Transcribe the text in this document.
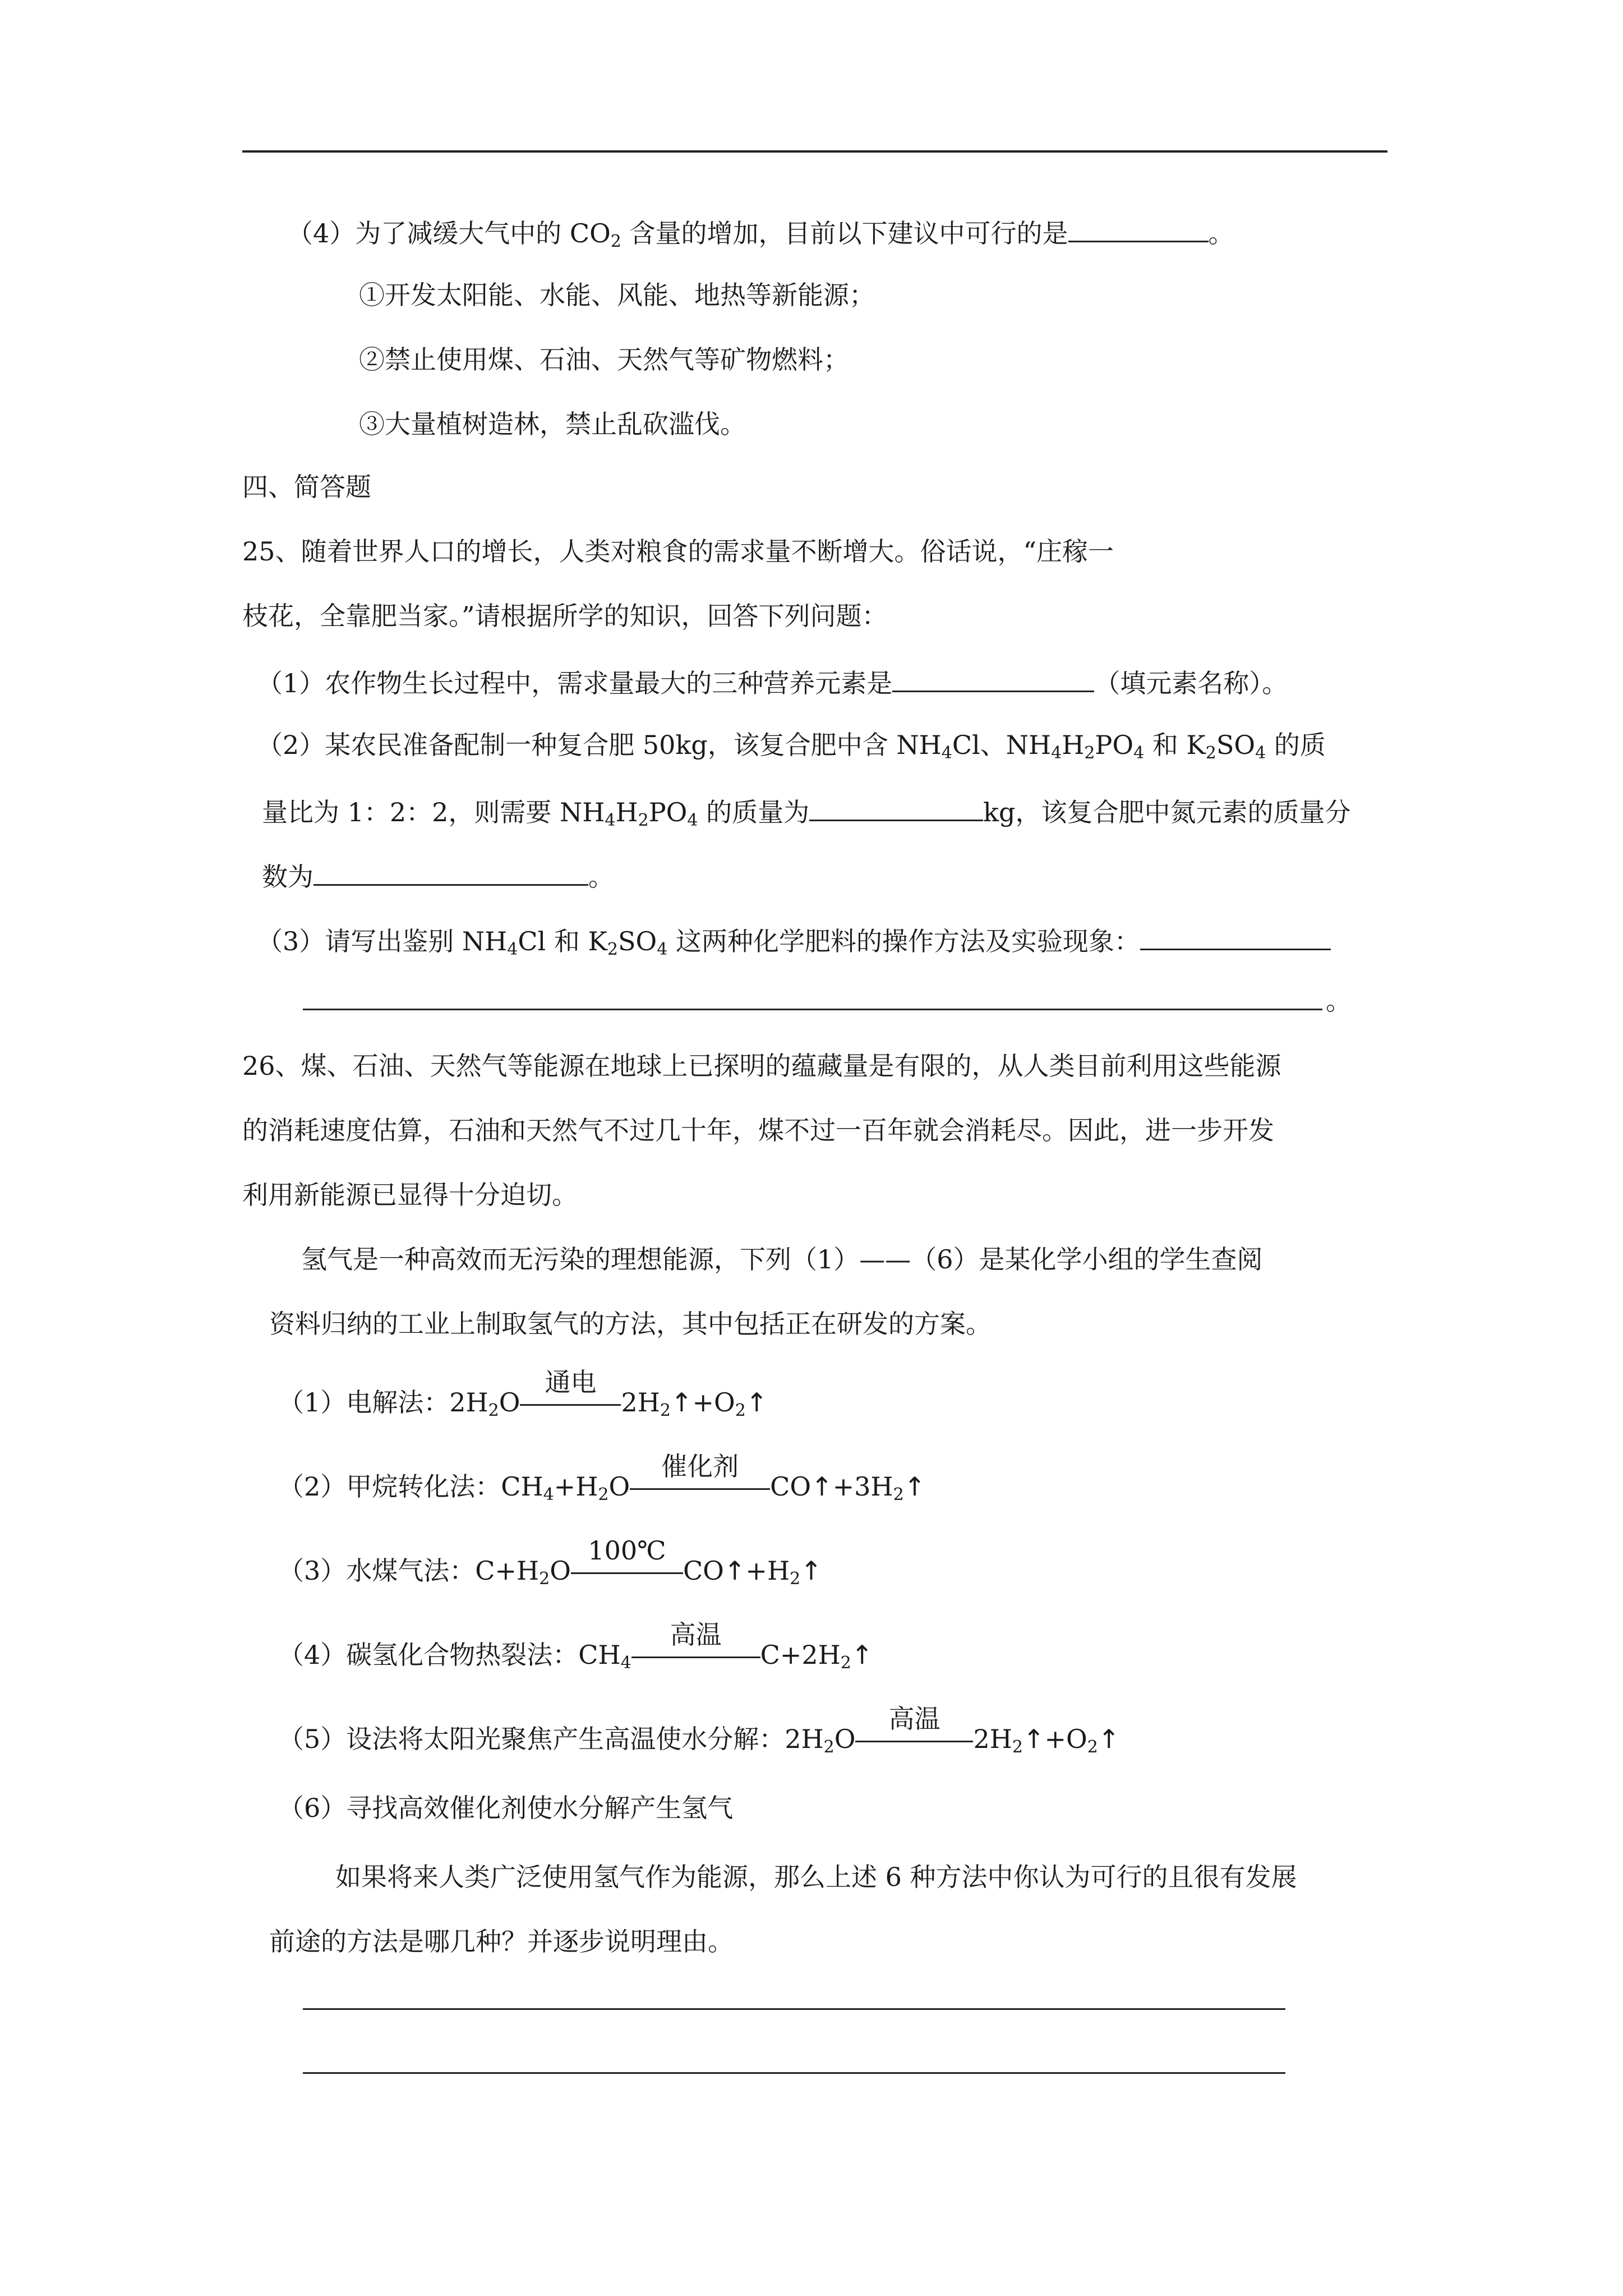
（4）为了减缓大气中的 $CO_2$ 含量的增加，目前以下建议中可行的是	。
①开发太阳能、水能、风能、地热等新能源；
②禁止使用煤、石油、天然气等矿物燃料；
③大量植树造林，禁止乱砍滥伐。
四、简答题
25、随着世界人口的增长，人类对粮食的需求量不断增大。俗话说，“庄稼一
枝花，全靠肥当家。”请根据所学的知识，回答下列问题：
（1）农作物生长过程中，需求量最大的三种营养元素是	（填元素名称）。
（2）某农民准备配制一种复合肥 50kg，该复合肥中含 $NH_4Cl$、$NH_4H_2PO_4$ 和 $K_2SO_4$ 的质
量比为 1：2：2，则需要 $NH_4H_2PO_4$ 的质量为	kg，该复合肥中氮元素的质量分
数为	。
（3）请写出鉴别 $NH_4Cl$ 和 $K_2SO_4$ 这两种化学肥料的操作方法及实验现象：
。
26、煤、石油、天然气等能源在地球上已探明的蕴藏量是有限的，从人类目前利用这些能源
的消耗速度估算，石油和天然气不过几十年，煤不过一百年就会消耗尽。因此，进一步开发
利用新能源已显得十分迫切。
氢气是一种高效而无污染的理想能源，下列（1）——（6）是某化学小组的学生查阅
资料归纳的工业上制取氢气的方法，其中包括正在研发的方案。
（1）电解法：$2H_2O$
通电
$2H_2↑+O_2↑$
（2）甲烷转化法：$CH_4+H_2O$
催化剂
$CO↑+3H_2↑$
（3）水煤气法：$C+H_2O$
100℃
$CO↑+H_2↑$
（4）碳氢化合物热裂法：$CH_4$
高温
$C+2H_2↑$
（5）设法将太阳光聚焦产生高温使水分解：$2H_2O$
高温
$2H_2↑+O_2↑$
（6）寻找高效催化剂使水分解产生氢气
如果将来人类广泛使用氢气作为能源，那么上述 6 种方法中你认为可行的且很有发展
前途的方法是哪几种？并逐步说明理由。
